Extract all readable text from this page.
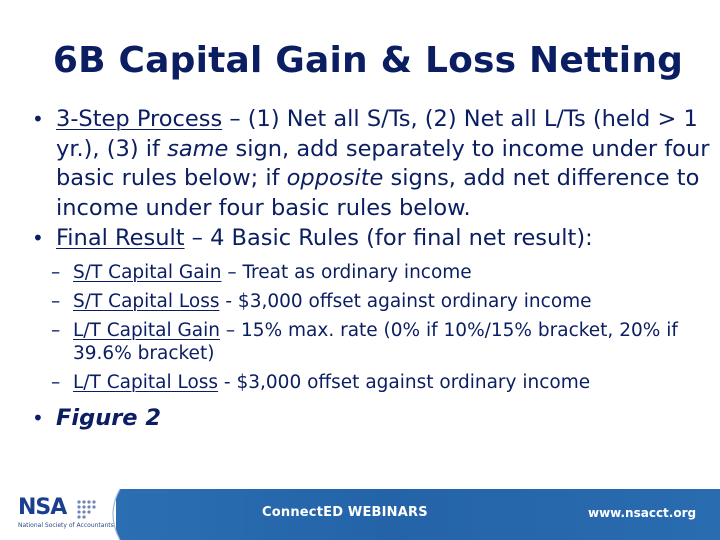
6B Capital Gain & Loss Netting
• 3-Step Process – (1) Net all S/Ts, (2) Net all L/Ts (held > 1 yr.), (3) if same sign, add separately to income under four basic rules below; if opposite signs, add net difference to income under four basic rules below.
• Final Result – 4 Basic Rules (for final net result):
– S/T Capital Gain – Treat as ordinary income
– S/T Capital Loss - $3,000 offset against ordinary income
– L/T Capital Gain – 15% max. rate (0% if 10%/15% bracket, 20% if 39.6% bracket)
– L/T Capital Loss - $3,000 offset against ordinary income
• Figure 2
NSA
National Society of Accountants
ConnectED WEBINARS	www.nsacct.org
